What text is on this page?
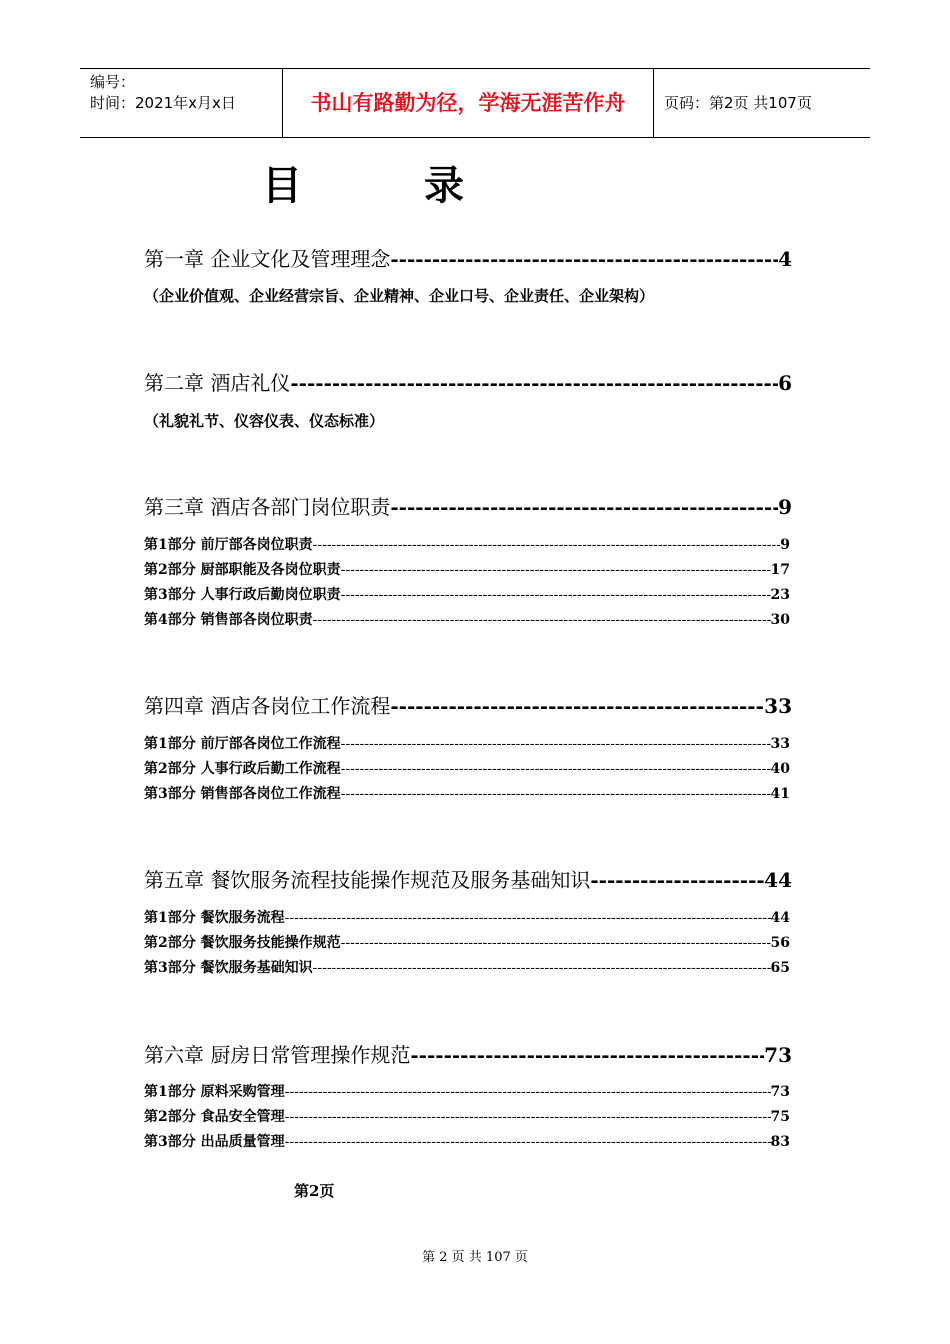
编号：
时间：2021年x月x日	书山有路勤为径，学海无涯苦作舟	页码：第2页 共107页
目	录
第一章 企业文化及管理理念 -----	4
（企业价值观、企业经营宗旨、企业精神、企业口号、企业责任、企业架构）
第二章 酒店礼仪 -----	6
（礼貌礼节、仪容仪表、仪态标准）
第三章 酒店各部门岗位职责 -----	9
第1部分 前厅部各岗位职责 -----	9
第2部分 厨部职能及各岗位职责 -----	17
第3部分 人事行政后勤岗位职责 -----	23
第4部分 销售部各岗位职责 -----	30
第四章 酒店各岗位工作流程 -----	33
第1部分 前厅部各岗位工作流程 -----	33
第2部分 人事行政后勤工作流程 -----	40
第3部分 销售部各岗位工作流程 -----	41
第五章 餐饮服务流程技能操作规范及服务基础知识 -----	44
第1部分 餐饮服务流程 -----	44
第2部分 餐饮服务技能操作规范 -----	56
第3部分 餐饮服务基础知识 -----	65
第六章 厨房日常管理操作规范 -----	73
第1部分 原料采购管理 -----	73
第2部分 食品安全管理 -----	75
第3部分 出品质量管理 -----	83
第2页
第 2 页 共 107 页
